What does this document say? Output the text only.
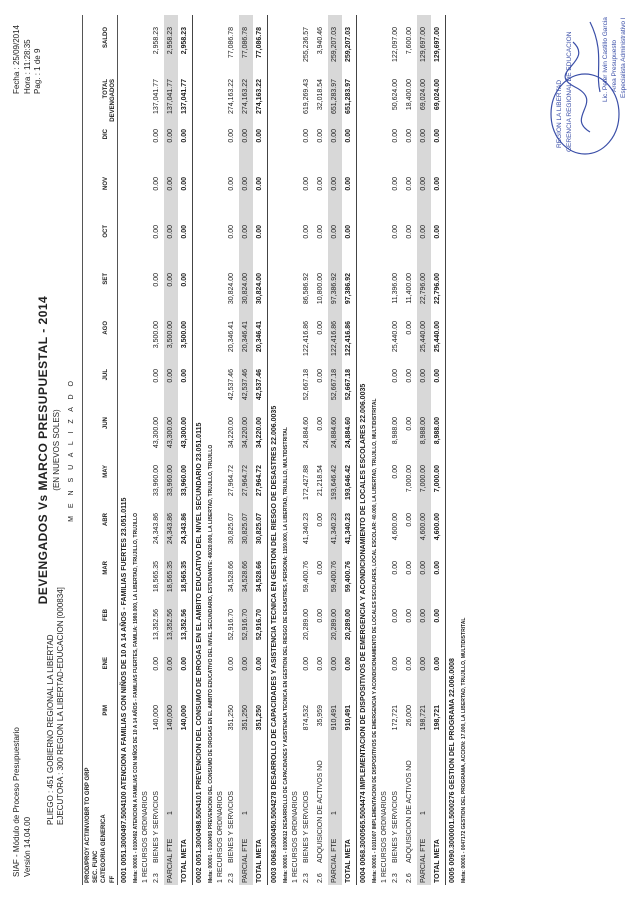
SIAF - Módulo de Proceso Presupuestario Versión 14.04.00
Fecha : 25/09/2014
Hora : 11:28:35
Pag. : 1 de 9
PLIEGO : 451 GOBIERNO REGIONAL LA LIBERTAD EJECUTORA : 300 REGION LA LIBERTAD-EDUCACION [000834]
DEVENGADOS Vs MARCO PRESUPUESTAL - 2014 (EN NUEVOS SOLES) M E N S U A L I Z A D O
PROD/PROY ACT/INV/OBR TO GRP GRP SEC. FUNC CATEGORIA GENERICA FF
PIM
ENE
FEB
MAR
ABR
MAY
JUN
JUL
AGO
SET
OCT
NOV
DIC
TOTAL DEVENGADOS
SALDO
0001 0051.3000497.5004100 ATENCION A FAMILIAS CON NIÑOS DE 10 A 14 AÑOS - FAMILIAS FUERTES 23.051.0115 Meta: 00001 - 0100492 ATENCION A FAMILIAS CON NIÑOS DE 10 A 14 AÑOS - FAMILIAS FUERTES, FAMILIA: 1980.000, LA LIBERTAD, TRUJILLO, TRUJILLO 1 RECURSOS ORDINARIOS
140,000
0.00
13,352.56
18,565.35
24,343.86
33,960.00
43,300.00
0.00
3,500.00
0.00
0.00
0.00
0.00
137,041.77
2,958.23
2.3
BIENES Y SERVICIOS PARCIAL FTE
1
140,000
0.00
13,352.56
18,565.35
24,343.86
33,960.00
43,300.00
0.00
3,500.00
0.00
0.00
0.00
0.00
137,041.77
2,958.23
TOTAL META
140,000
0.00
13,352.56
18,565.35
24,343.86
33,960.00
43,300.00
0.00
3,500.00
0.00
0.00
0.00
0.00
137,041.77
2,958.23
0002 0051.3000498.5004101 PREVENCION DEL CONSUMO DE DROGAS EN EL AMBITO EDUCATIVO DEL NIVEL SECUNDARIO 23.051.0115 Meta: 00001 - 0100493 PREVENCION DEL CONSUMO DE DROGAS EN EL AMBITO EDUCATIVO DEL NIVEL SECUNDARIO, ESTUDIANTE: 48020.000, LA LIBERTAD, TRUJILLO, TRUJILLO 1 RECURSOS ORDINARIOS
351,250
0.00
52,916.70
34,528.66
30,825.07
27,964.72
34,220.00
42,537.46
20,346.41
30,824.00
0.00
0.00
0.00
274,163.22
77,086.78
2.3
BIENES Y SERVICIOS PARCIAL FTE
1
351,250
0.00
52,916.70
34,528.66
30,825.07
27,964.72
34,220.00
42,537.46
20,346.41
30,824.00
0.00
0.00
0.00
274,163.22
77,086.78
TOTAL META
351,250
0.00
52,916.70
34,528.66
30,825.07
27,964.72
34,220.00
42,537.46
20,346.41
30,824.00
0.00
0.00
0.00
274,163.22
77,086.78
0003 0068.3000450.5004278 DESARROLLO DE CAPACIDADES Y ASISTENCIA TECNICA EN GESTION DEL RIESGO DE DESASTRES 22.006.0035 Meta: 00001 - 0100612 DESARROLLO DE CAPACIDADES Y ASISTENCIA TECNICA EN GESTION DEL RIESGO DE DESASTRES, PERSONA: 1150.000, LA LIBERTAD, TRUJILLO, MULTIDISTRITAL 1 RECURSOS ORDINARIOS
874,532
0.00
20,289.00
59,400.76
41,340.23
172,427.88
24,884.60
52,667.18
122,416.86
86,586.92
0.00
0.00
0.00
619,269.43
255,236.57
2.3
BIENES Y SERVICIOS
35,959
0.00
0.00
0.00
0.00
21,218.54
0.00
0.00
0.00
10,800.00
0.00
0.00
0.00
32,018.54
3,940.46
2.6
ADQUISICION DE ACTIVOS NO PARCIAL FTE
1
910,491
0.00
20,289.00
59,400.76
41,340.23
193,646.42
24,884.60
52,667.18
122,416.86
97,386.92
0.00
0.00
0.00
651,283.97
259,207.03
TOTAL META
910,491
0.00
20,289.00
59,400.76
41,340.23
193,646.42
24,884.60
52,667.18
122,416.86
97,386.92
0.00
0.00
0.00
651,283.97
259,207.03
0004 0068.3000565.5004474 IMPLEMENTACION DE DISPOSITIVOS DE EMERGENCIA Y ACONDICIONAMIENTO DE LOCALES ESCOLARES 22.006.0035 Meta: 00001 - 0101007 IMPLEMENTACION DE DISPOSITIVOS DE EMERGENCIA Y ACONDICIONAMIENTO DE LOCALES ESCOLARES, LOCAL ESCOLAR: 40.000, LA LIBERTAD, TRUJILLO, MULTIDISTRITAL 1 RECURSOS ORDINARIOS
172,721
0.00
0.00
0.00
4,600.00
0.00
8,988.00
0.00
25,440.00
11,396.00
0.00
0.00
0.00
50,624.00
122,097.00
2.3
BIENES Y SERVICIOS
26,000
0.00
0.00
0.00
0.00
7,000.00
0.00
0.00
0.00
11,400.00
0.00
0.00
0.00
18,400.00
7,600.00
2.6
ADQUISICION DE ACTIVOS NO PARCIAL FTE
1
198,721
0.00
0.00
0.00
4,600.00
7,000.00
8,988.00
0.00
25,440.00
22,796.00
0.00
0.00
0.00
69,024.00
129,697.00
TOTAL META
198,721
0.00
0.00
0.00
4,600.00
7,000.00
8,988.00
0.00
25,440.00
22,796.00
0.00
0.00
0.00
69,024.00
129,697.00
0005 0090.3000001.5000276 GESTION DEL PROGRAMA 22.006.0008 Meta: 00001 - 0047172 GESTION DEL PROGRAMA, ACCION: 17.000, LA LIBERTAD, TRUJILLO, MULTIDISTRITAL
REGION LA LIBERTAD GERENCIA REGIONAL DE EDUCACION	Lic. Peter Iwin Castillo Garcia Area Presupuesto Especialista Administrativo I
